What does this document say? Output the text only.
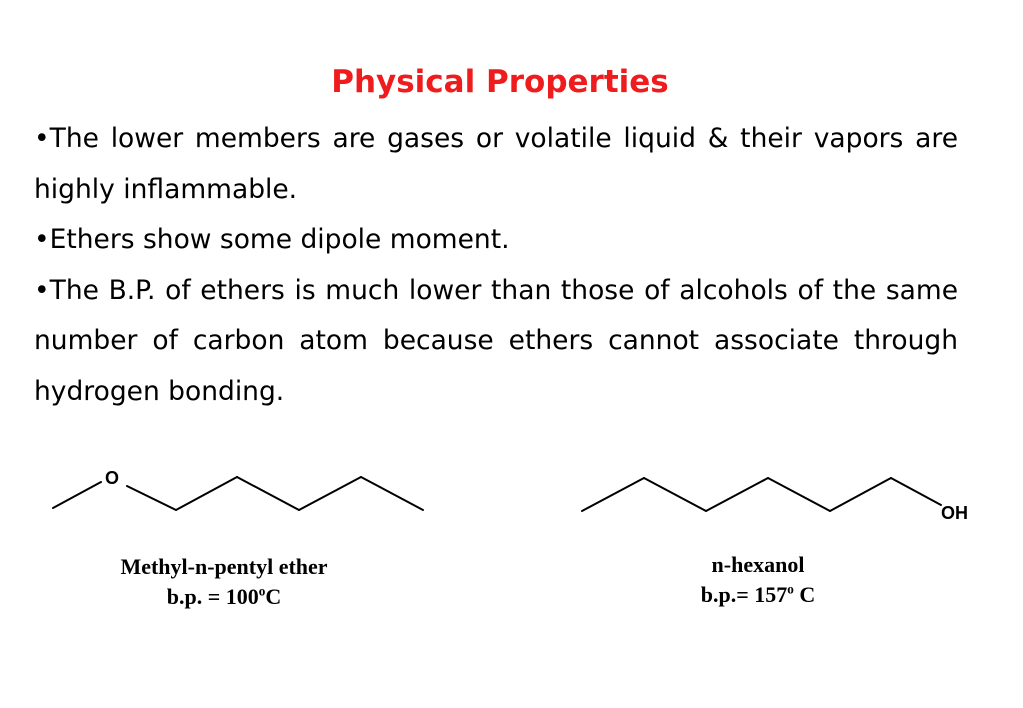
Physical Properties

•The lower members are gases or volatile liquid & their vapors are highly inflammable.

•Ethers show some dipole moment.

•The B.P. of ethers is much lower than those of alcohols of the same number of carbon atom because ethers cannot associate through hydrogen bonding.

O
OH
Methyl-n-pentyl ether
b.p. = $100^oC$
n-hexanol
$b.p.= 157^o$ C
